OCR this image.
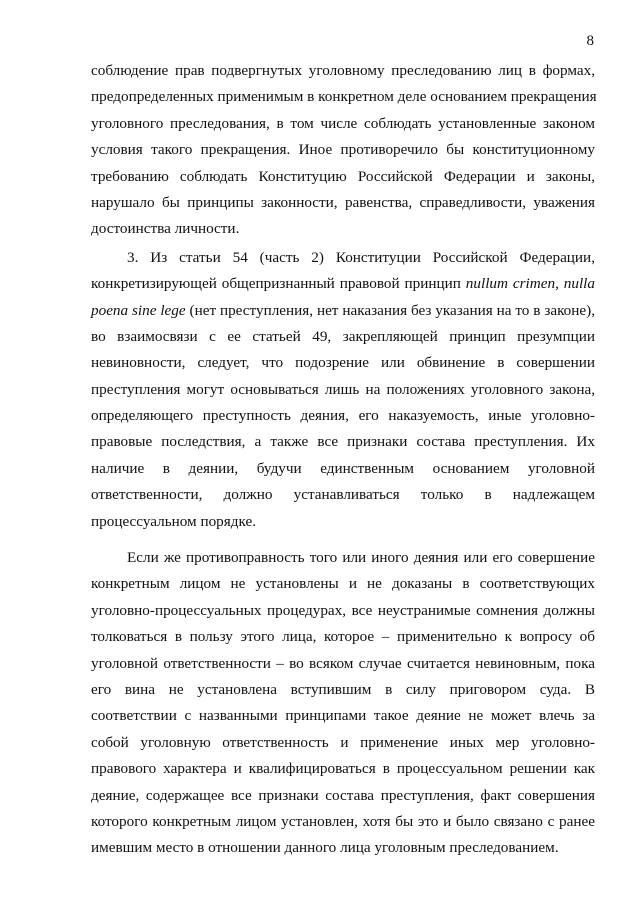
8
соблюдение прав подвергнутых уголовному преследованию лиц в формах,
предопределенных применимым в конкретном деле основанием прекращения
уголовного преследования, в том числе соблюдать установленные законом
условия такого прекращения. Иное противоречило бы конституционному
требованию соблюдать Конституцию Российской Федерации и законы,
нарушало бы принципы законности, равенства, справедливости, уважения
достоинства личности.
3. Из статьи 54 (часть 2) Конституции Российской Федерации,
конкретизирующей общепризнанный правовой принцип nullum crimen, nulla
poena sine lege (нет преступления, нет наказания без указания на то в законе),
во взаимосвязи с ее статьей 49, закрепляющей принцип презумпции
невиновности, следует, что подозрение или обвинение в совершении
преступления могут основываться лишь на положениях уголовного закона,
определяющего преступность деяния, его наказуемость, иные уголовно-
правовые последствия, а также все признаки состава преступления. Их
наличие в деянии, будучи единственным основанием уголовной
ответственности, должно устанавливаться только в надлежащем
процессуальном порядке.
Если же противоправность того или иного деяния или его совершение
конкретным лицом не установлены и не доказаны в соответствующих
уголовно-процессуальных процедурах, все неустранимые сомнения должны
толковаться в пользу этого лица, которое – применительно к вопросу об
уголовной ответственности – во всяком случае считается невиновным, пока
его вина не установлена вступившим в силу приговором суда. В
соответствии с названными принципами такое деяние не может влечь за
собой уголовную ответственность и применение иных мер уголовно-
правового характера и квалифицироваться в процессуальном решении как
деяние, содержащее все признаки состава преступления, факт совершения
которого конкретным лицом установлен, хотя бы это и было связано с ранее
имевшим место в отношении данного лица уголовным преследованием.
